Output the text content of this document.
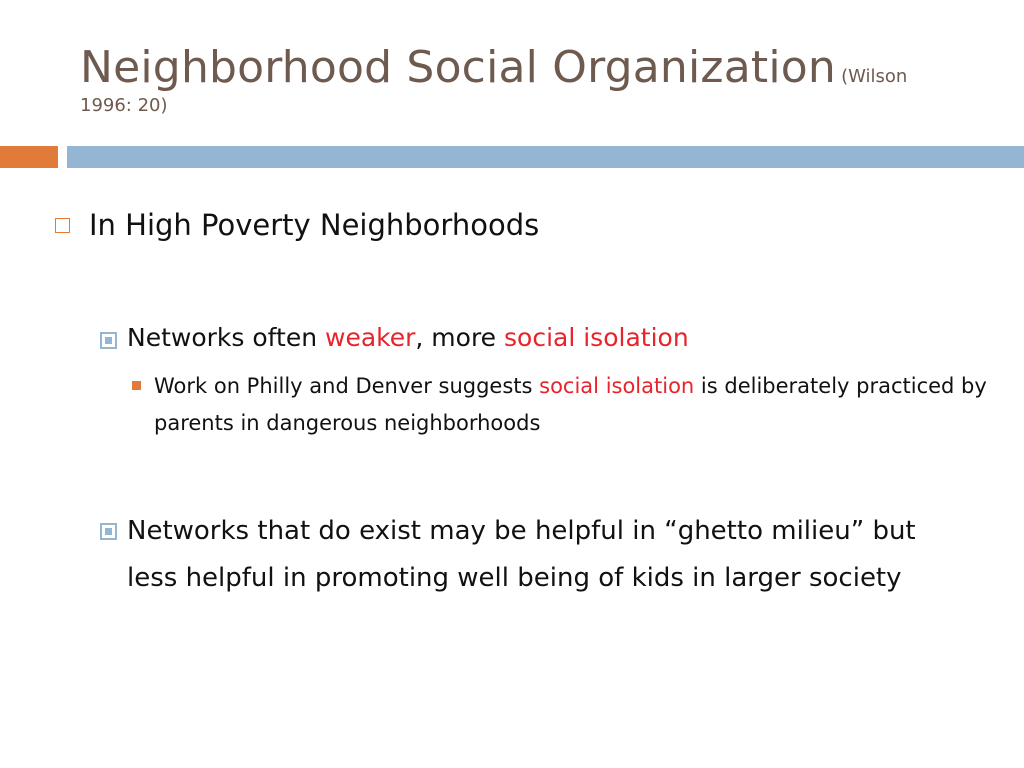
Neighborhood Social Organization (Wilson
1996: 20)
In High Poverty Neighborhoods
Networks often weaker, more social isolation
Work on Philly and Denver suggests social isolation is deliberately practiced by parents in dangerous neighborhoods
Networks that do exist may be helpful in “ghetto milieu” but less helpful in promoting well being of kids in larger society
